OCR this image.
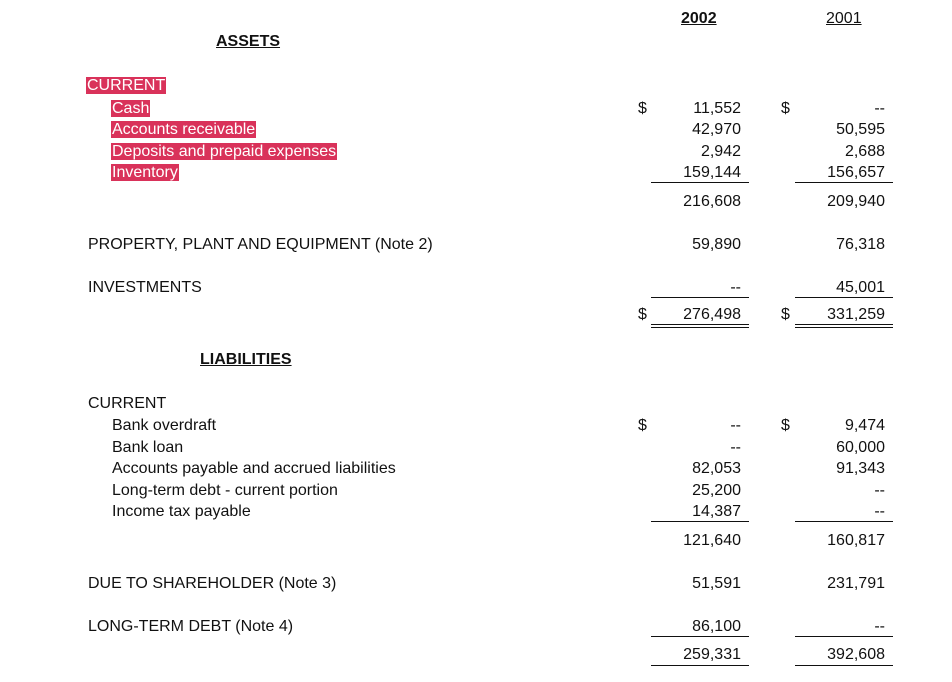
2002	2001
ASSETS
CURRENT
Cash	$	11,552	$	--
Accounts receivable	42,970	50,595
Deposits and prepaid expenses	2,942	2,688
Inventory	159,144	156,657
216,608	209,940
PROPERTY, PLANT AND EQUIPMENT (Note 2)	59,890	76,318
INVESTMENTS	--	45,001
$ 276,498	$ 331,259
LIABILITIES
CURRENT
Bank overdraft	$	--	$	9,474
Bank loan	--	60,000
Accounts payable and accrued liabilities	82,053	91,343
Long-term debt - current portion	25,200	--
Income tax payable	14,387	--
121,640	160,817
DUE TO SHAREHOLDER (Note 3)	51,591	231,791
LONG-TERM DEBT (Note 4)	86,100	--
259,331	392,608
